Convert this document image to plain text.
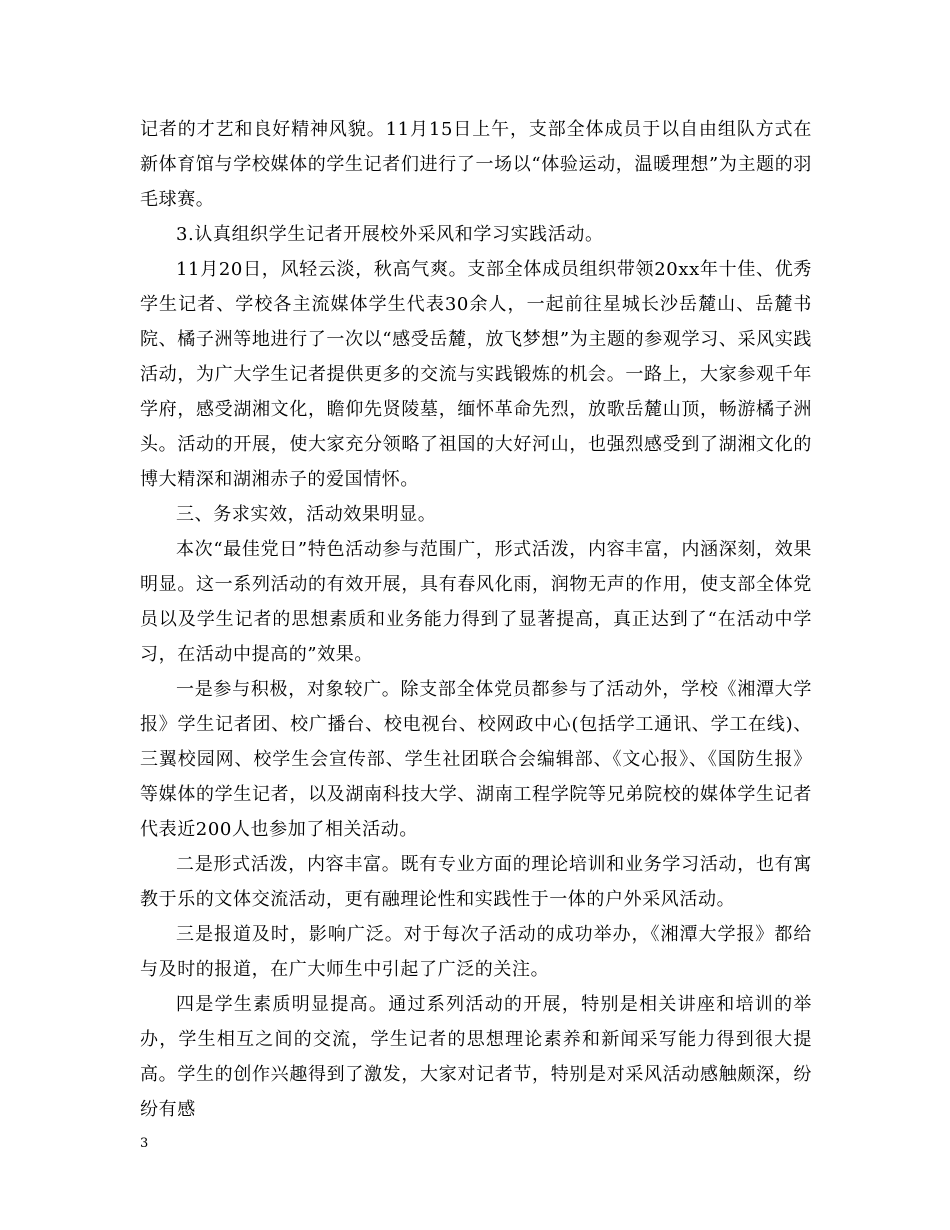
记者的才艺和良好精神风貌。11月15日上午，支部全体成员于以自由组队方式在新体育馆与学校媒体的学生记者们进行了一场以“体验运动，温暖理想”为主题的羽毛球赛。

3.认真组织学生记者开展校外采风和学习实践活动。

11月20日，风轻云淡，秋高气爽。支部全体成员组织带领20xx年十佳、优秀学生记者、学校各主流媒体学生代表30余人，一起前往星城长沙岳麓山、岳麓书院、橘子洲等地进行了一次以“感受岳麓，放飞梦想”为主题的参观学习、采风实践活动，为广大学生记者提供更多的交流与实践锻炼的机会。一路上，大家参观千年学府，感受湖湘文化，瞻仰先贤陵墓，缅怀革命先烈，放歌岳麓山顶，畅游橘子洲头。活动的开展，使大家充分领略了祖国的大好河山，也强烈感受到了湖湘文化的博大精深和湖湘赤子的爱国情怀。

三、务求实效，活动效果明显。

本次“最佳党日”特色活动参与范围广，形式活泼，内容丰富，内涵深刻，效果明显。这一系列活动的有效开展，具有春风化雨，润物无声的作用，使支部全体党员以及学生记者的思想素质和业务能力得到了显著提高，真正达到了“在活动中学习，在活动中提高的”效果。

一是参与积极，对象较广。除支部全体党员都参与了活动外，学校《湘潭大学报》学生记者团、校广播台、校电视台、校网政中心(包括学工通讯、学工在线)、三翼校园网、校学生会宣传部、学生社团联合会编辑部、《文心报》、《国防生报》等媒体的学生记者，以及湖南科技大学、湖南工程学院等兄弟院校的媒体学生记者代表近200人也参加了相关活动。

二是形式活泼，内容丰富。既有专业方面的理论培训和业务学习活动，也有寓教于乐的文体交流活动，更有融理论性和实践性于一体的户外采风活动。

三是报道及时，影响广泛。对于每次子活动的成功举办，《湘潭大学报》都给与及时的报道，在广大师生中引起了广泛的关注。

四是学生素质明显提高。通过系列活动的开展，特别是相关讲座和培训的举办，学生相互之间的交流，学生记者的思想理论素养和新闻采写能力得到很大提高。学生的创作兴趣得到了激发，大家对记者节，特别是对采风活动感触颇深，纷纷有感

3
